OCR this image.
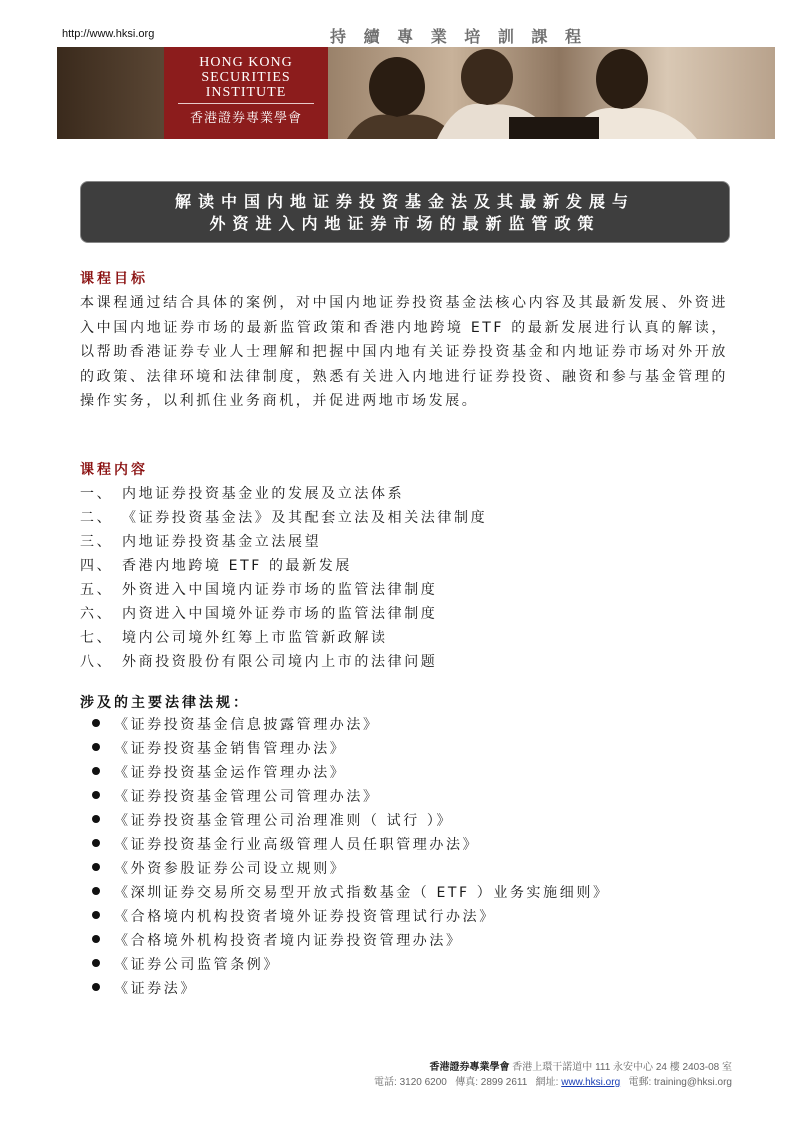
http://www.hksi.org	持 續 專 業 培 訓 課 程
HONG KONG
SECURITIES
INSTITUTE
香港證券專業學會
解读中国内地证券投资基金法及其最新发展与
外资进入内地证券市场的最新监管政策
课程目标
本课程通过结合具体的案例，对中国内地证券投资基金法核心内容及其最新发展、外资进入中国内地证券市场的最新监管政策和香港内地跨境 ETF 的最新发展进行认真的解读，以帮助香港证券专业人士理解和把握中国内地有关证券投资基金和内地证券市场对外开放的政策、法律环境和法律制度，熟悉有关进入内地进行证券投资、融资和参与基金管理的操作实务，以利抓住业务商机，并促进两地市场发展。
课程内容
一、 内地证券投资基金业的发展及立法体系
二、 《证券投资基金法》及其配套立法及相关法律制度
三、 内地证券投资基金立法展望
四、 香港内地跨境 ETF 的最新发展
五、 外资进入中国境内证券市场的监管法律制度
六、 内资进入中国境外证券市场的监管法律制度
七、 境内公司境外红筹上市监管新政解读
八、 外商投资股份有限公司境内上市的法律问题
涉及的主要法律法规：
《证券投资基金信息披露管理办法》
《证券投资基金销售管理办法》
《证券投资基金运作管理办法》
《证券投资基金管理公司管理办法》
《证券投资基金管理公司治理准则（ 试行 ）》
《证券投资基金行业高级管理人员任职管理办法》
《外资参股证券公司设立规则》
《深圳证券交易所交易型开放式指数基金（ ETF ）业务实施细则》
《合格境内机构投资者境外证券投资管理试行办法》
《合格境外机构投资者境内证券投资管理办法》
《证券公司监管条例》
《证券法》
香港證券專業學會 香港上環干諾道中 111 永安中心 24 樓 2403-08 室
電話: 3120 6200 傳真: 2899 2611 網址: www.hksi.org 電郵: training@hksi.org
